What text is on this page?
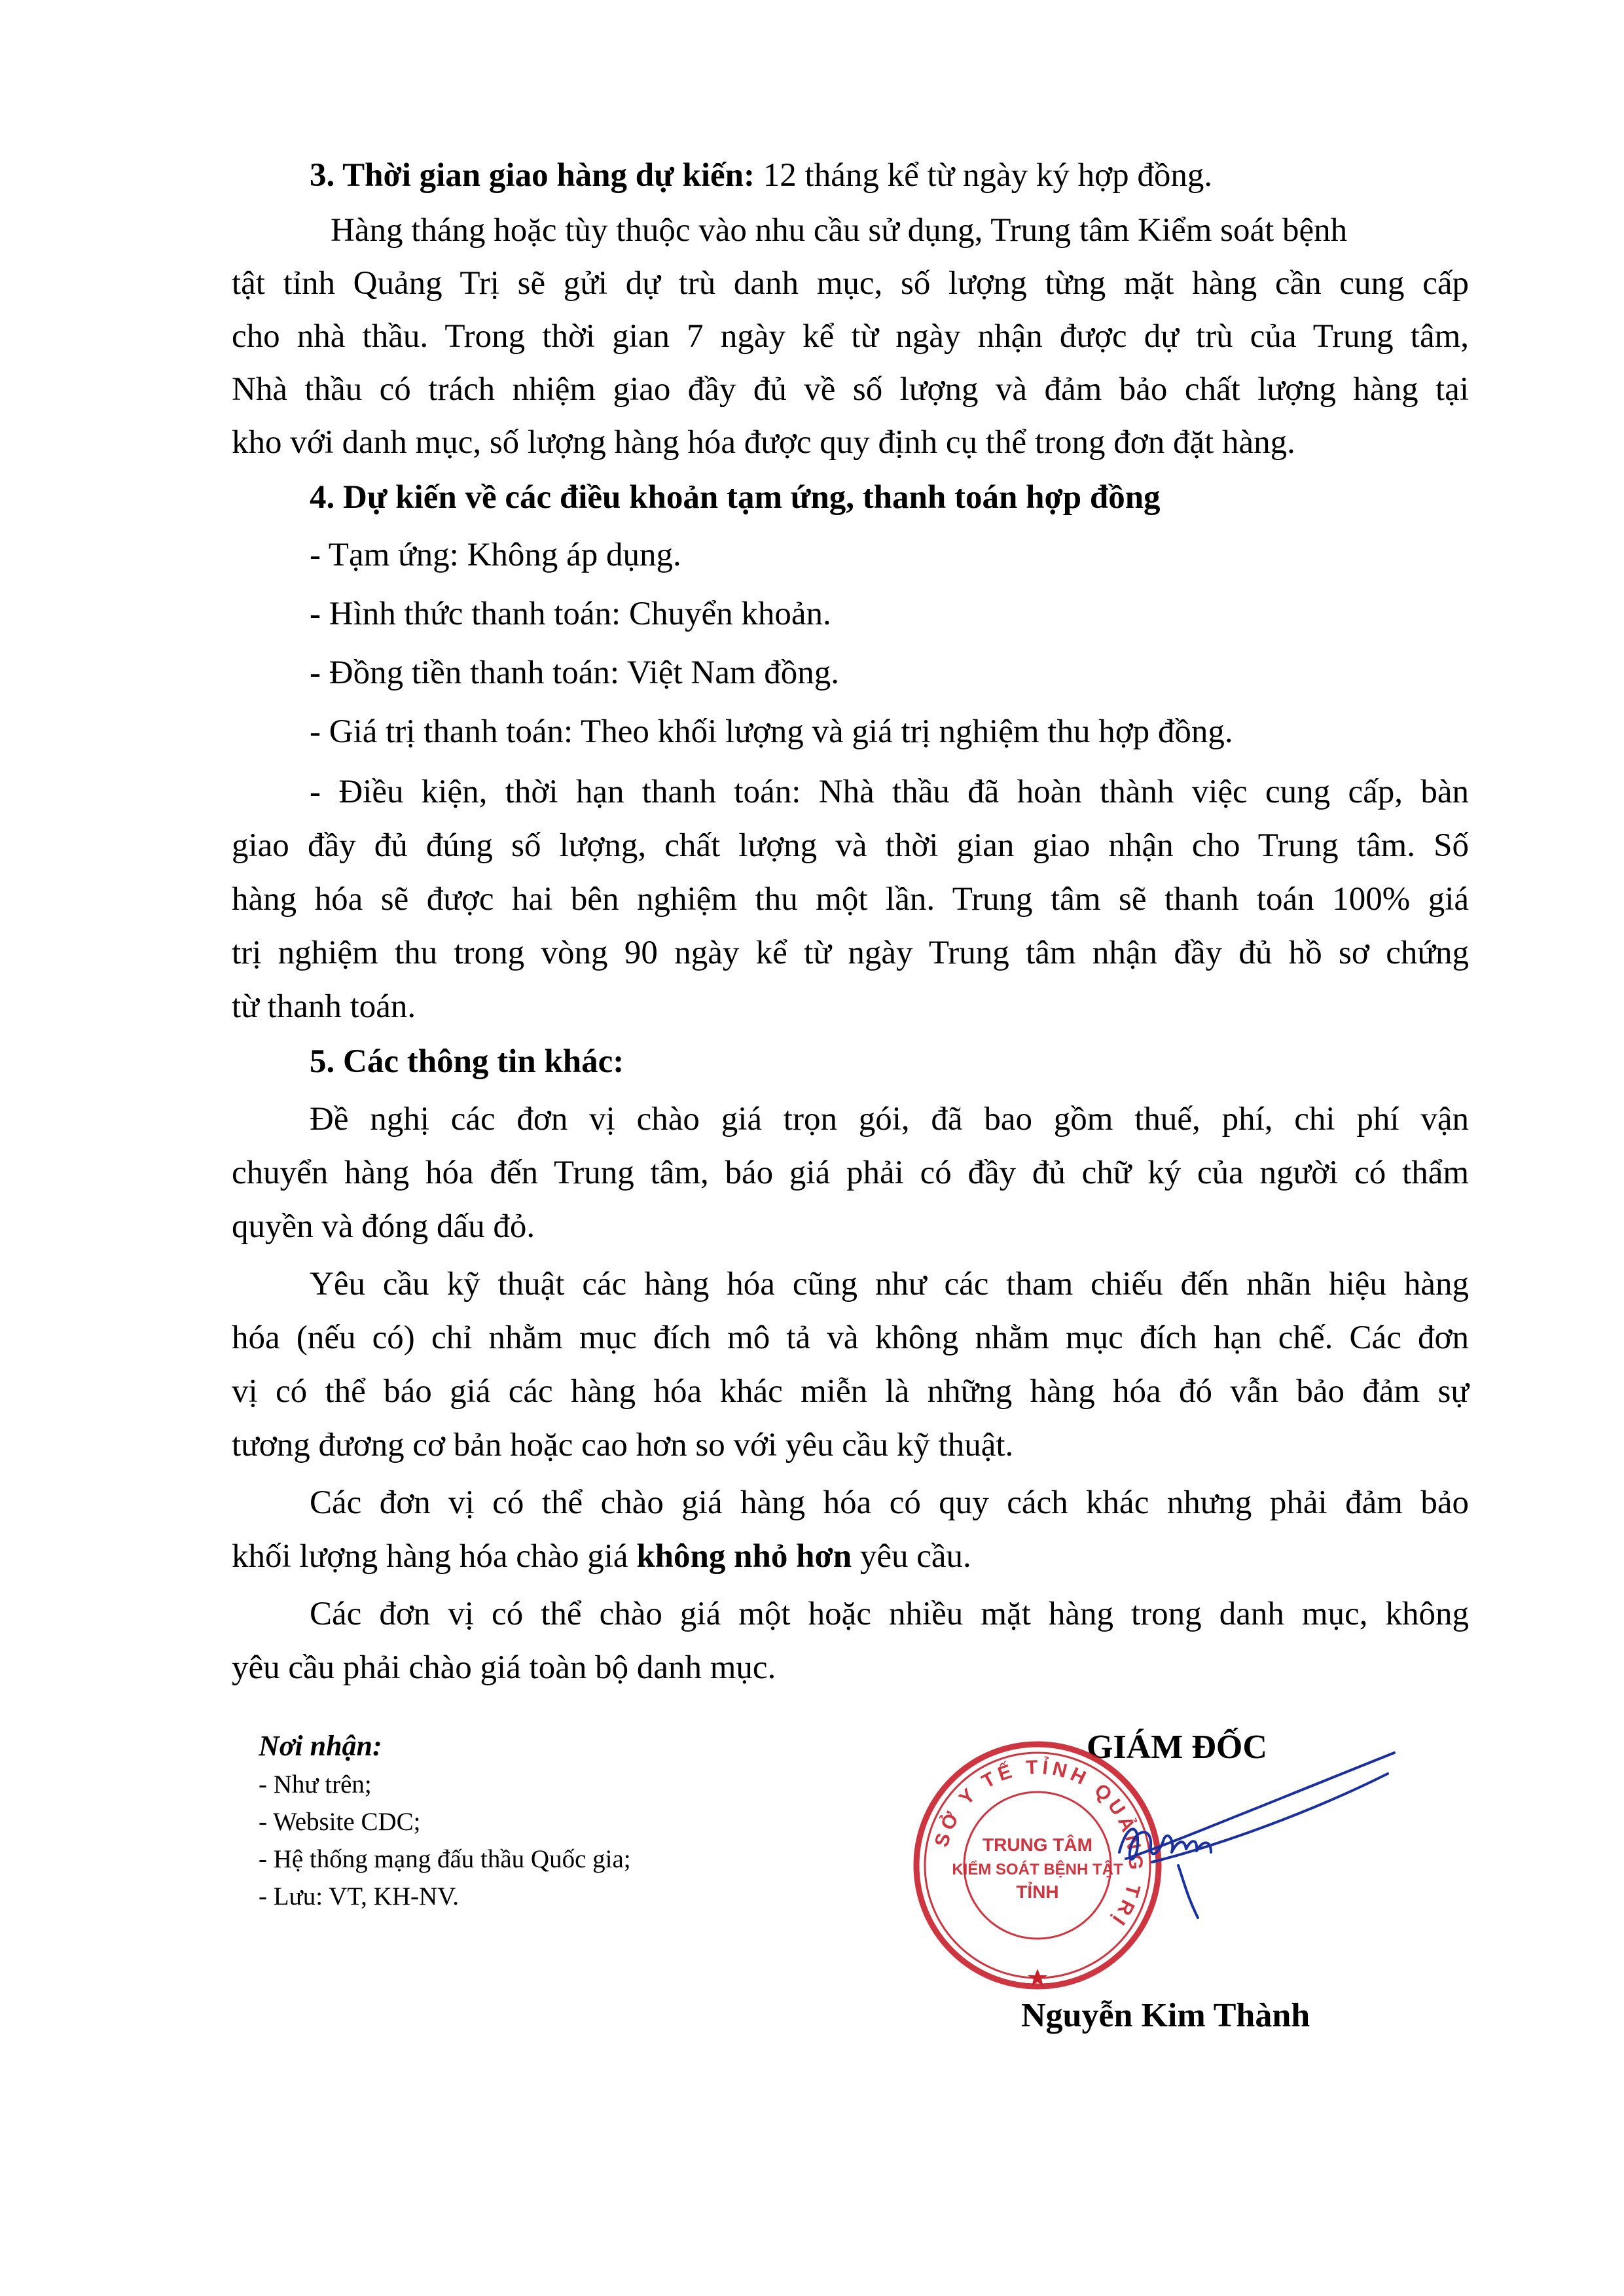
3. Thời gian giao hàng dự kiến: 12 tháng kể từ ngày ký hợp đồng.
Hàng tháng hoặc tùy thuộc vào nhu cầu sử dụng, Trung tâm Kiểm soát bệnh
tật tỉnh Quảng Trị sẽ gửi dự trù danh mục, số lượng từng mặt hàng cần cung cấp
cho nhà thầu. Trong thời gian 7 ngày kể từ ngày nhận được dự trù của Trung tâm,
Nhà thầu có trách nhiệm giao đầy đủ về số lượng và đảm bảo chất lượng hàng tại
kho với danh mục, số lượng hàng hóa được quy định cụ thể trong đơn đặt hàng.
4. Dự kiến về các điều khoản tạm ứng, thanh toán hợp đồng
- Tạm ứng: Không áp dụng.
- Hình thức thanh toán: Chuyển khoản.
- Đồng tiền thanh toán: Việt Nam đồng.
- Giá trị thanh toán: Theo khối lượng và giá trị nghiệm thu hợp đồng.
- Điều kiện, thời hạn thanh toán: Nhà thầu đã hoàn thành việc cung cấp, bàn
giao đầy đủ đúng số lượng, chất lượng và thời gian giao nhận cho Trung tâm. Số
hàng hóa sẽ được hai bên nghiệm thu một lần. Trung tâm sẽ thanh toán 100% giá
trị nghiệm thu trong vòng 90 ngày kể từ ngày Trung tâm nhận đầy đủ hồ sơ chứng
từ thanh toán.
5. Các thông tin khác:
Đề nghị các đơn vị chào giá trọn gói, đã bao gồm thuế, phí, chi phí vận
chuyển hàng hóa đến Trung tâm, báo giá phải có đầy đủ chữ ký của người có thẩm
quyền và đóng dấu đỏ.
Yêu cầu kỹ thuật các hàng hóa cũng như các tham chiếu đến nhãn hiệu hàng
hóa (nếu có) chỉ nhằm mục đích mô tả và không nhằm mục đích hạn chế. Các đơn
vị có thể báo giá các hàng hóa khác miễn là những hàng hóa đó vẫn bảo đảm sự
tương đương cơ bản hoặc cao hơn so với yêu cầu kỹ thuật.
Các đơn vị có thể chào giá hàng hóa có quy cách khác nhưng phải đảm bảo
khối lượng hàng hóa chào giá không nhỏ hơn yêu cầu.
Các đơn vị có thể chào giá một hoặc nhiều mặt hàng trong danh mục, không
yêu cầu phải chào giá toàn bộ danh mục.
Nơi nhận:
- Như trên;
- Website CDC;
- Hệ thống mạng đấu thầu Quốc gia;
- Lưu: VT, KH-NV.
GIÁM ĐỐC
SỞ Y TẾ TỈNH QUẢNG TRỊ
TRUNG TÂM
KIỂM SOÁT BỆNH TẬT
TỈNH
Nguyễn Kim Thành
